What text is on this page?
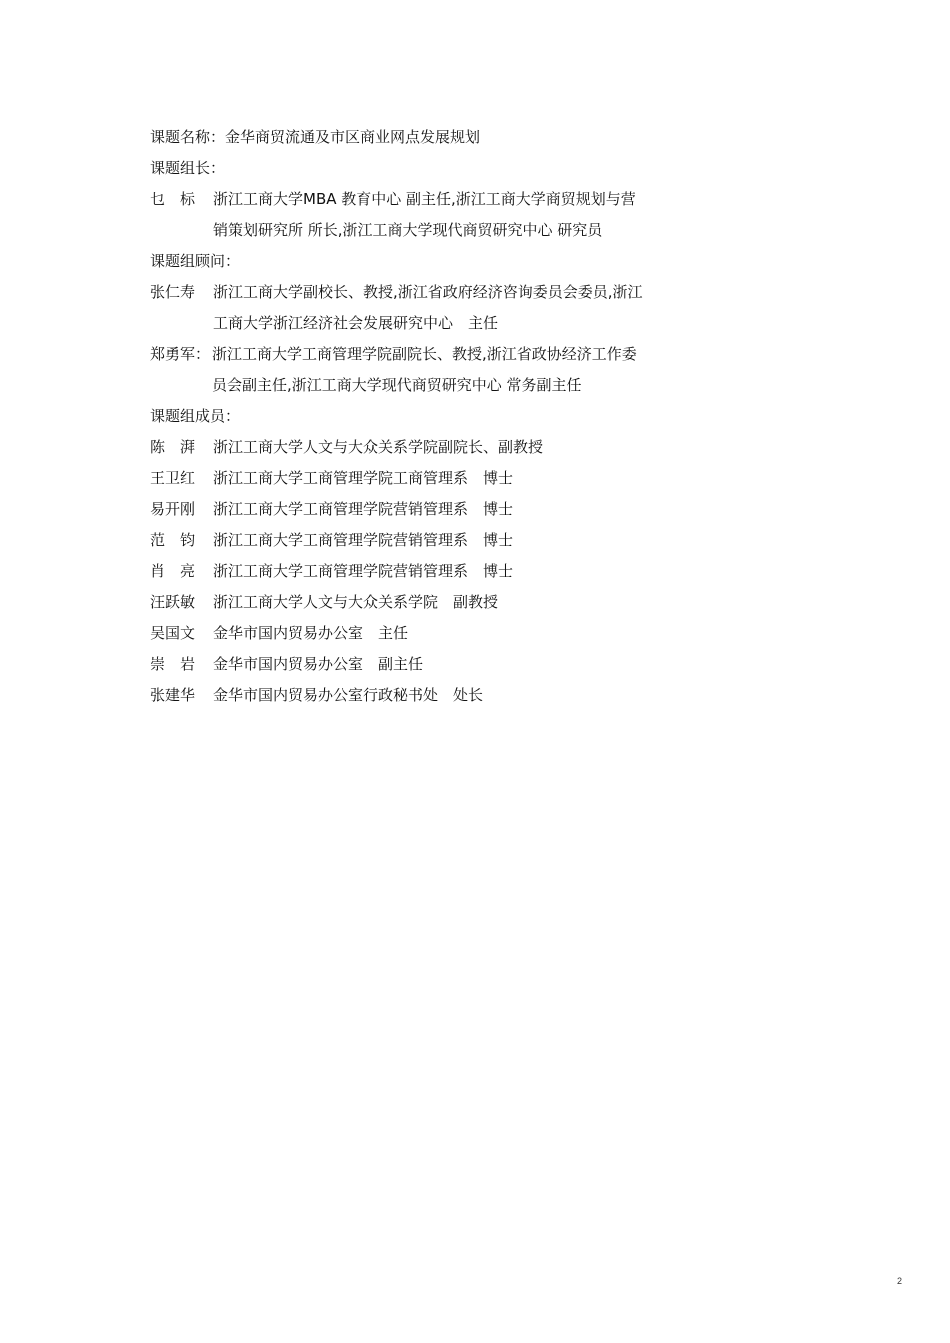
课题名称：金华商贸流通及市区商业网点发展规划
课题组长：
乜　标	浙江工商大学MBA 教育中心 副主任,浙江工商大学商贸规划与营销策划研究所 所长,浙江工商大学现代商贸研究中心 研究员
课题组顾问：
张仁寿	浙江工商大学副校长、教授,浙江省政府经济咨询委员会委员,浙江工商大学浙江经济社会发展研究中心　主任
郑勇军： 浙江工商大学工商管理学院副院长、教授,浙江省政协经济工作委员会副主任,浙江工商大学现代商贸研究中心 常务副主任
课题组成员：
陈　湃	浙江工商大学人文与大众关系学院副院长、副教授
王卫红	浙江工商大学工商管理学院工商管理系　博士
易开刚	浙江工商大学工商管理学院营销管理系　博士
范　钧	浙江工商大学工商管理学院营销管理系　博士
肖　亮	浙江工商大学工商管理学院营销管理系　博士
汪跃敏	浙江工商大学人文与大众关系学院　副教授
吴国文	金华市国内贸易办公室　主任
崇　岩	金华市国内贸易办公室　副主任
张建华	金华市国内贸易办公室行政秘书处　处长
2
